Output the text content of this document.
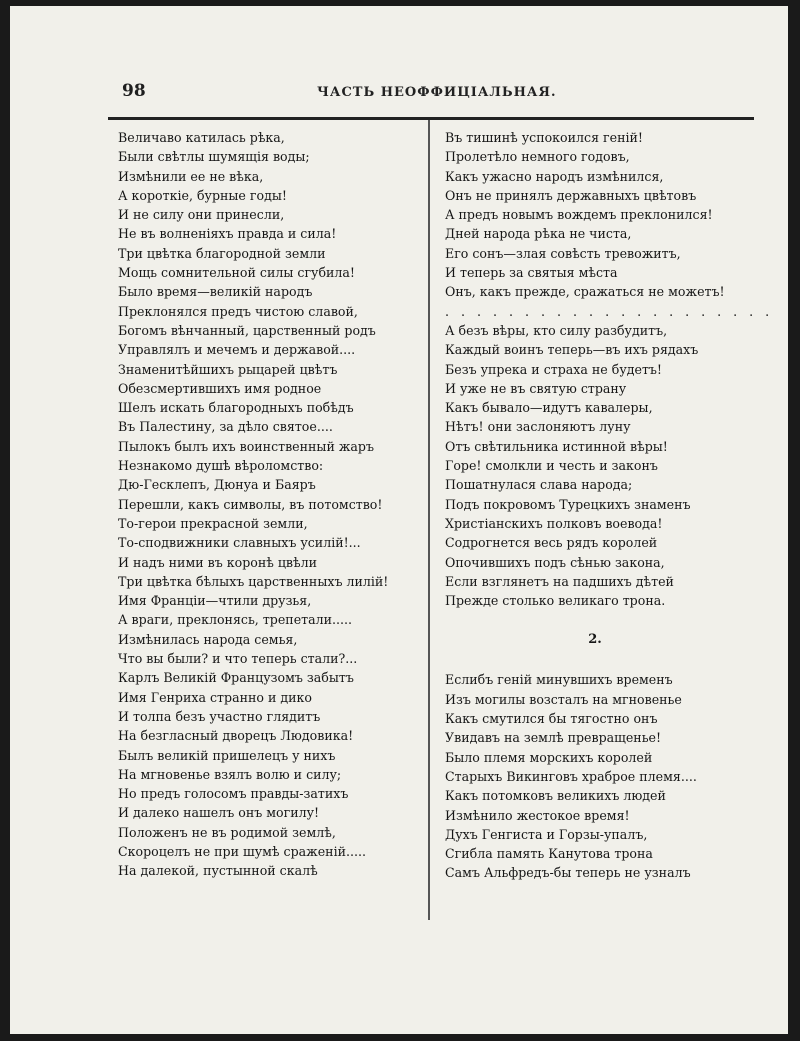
98	ЧАСТЬ НЕОФФИЦІАЛЬНАЯ.
Величаво катилась рѣка,
Были свѣтлы шумящія воды;
Измѣнили ее не вѣка,
А короткіе, бурные годы!
И не силу они принесли,
Не въ волненіяхъ правда и сила!
Три цвѣтка благородной земли
Мощь сомнительной силы сгубила!
Было время—великій народъ
Преклонялся предъ чистою славой,
Богомъ вѣнчанный, царственный родъ
Управлялъ и мечемъ и державой....
Знаменитѣйшихъ рыцарей цвѣтъ
Обезсмертившихъ имя родное
Шелъ искать благородныхъ побѣдъ
Въ Палестину, за дѣло святое....
Пылокъ былъ ихъ воинственный жаръ
Незнакомо душѣ вѣроломство:
Дю-Гесклепъ, Дюнуа и Баяръ
Перешли, какъ символы, въ потомство!
То-герои прекрасной земли,
То-сподвижники славныхъ усилій!...
И надъ ними въ коронѣ цвѣли
Три цвѣтка бѣлыхъ царственныхъ лилій!
Имя Франціи—чтили друзья,
А враги, преклонясь, трепетали.....
Измѣнилась народа семья,
Что вы были? и что теперь стали?...
Карлъ Великій Французомъ забытъ
Имя Генриха странно и дико
И толпа безъ участно глядитъ
На безгласный дворецъ Людовика!
Былъ великій пришелецъ у нихъ
На мгновенье взялъ волю и силу;
Но предъ голосомъ правды-затихъ
И далеко нашелъ онъ могилу!
Положенъ не въ родимой землѣ,
Скороцелъ не при шумѣ сраженій.....
На далекой, пустынной скалѣ
Въ тишинѣ успокоился геній!
Пролетѣло немного годовъ,
Какъ ужасно народъ измѣнился,
Онъ не принялъ державныхъ цвѣтовъ
А предъ новымъ вождемъ преклонился!
Дней народа рѣка не чиста,
Его сонъ—злая совѣсть тревожитъ,
И теперь за святыя мѣста
Онъ, какъ прежде, сражаться не можетъ!
. . . . . . . . . . . . . . . . . . . . .
А безъ вѣры, кто силу разбудитъ,
Каждый воинъ теперь—въ ихъ рядахъ
Безъ упрека и страха не будетъ!
И уже не въ святую страну
Какъ бывало—идутъ кавалеры,
Нѣтъ! они заслоняютъ луну
Отъ свѣтильника истинной вѣры!
Горе! смолкли и честь и законъ
Пошатнулася слава народа;
Подъ покровомъ Турецкихъ знаменъ
Христіанскихъ полковъ воевода!
Содрогнется весь рядъ королей
Опочившихъ подъ сѣнью закона,
Если взглянетъ на падшихъ дѣтей
Прежде столько великаго трона.
2.
Еслибъ геній минувшихъ временъ
Изъ могилы возсталъ на мгновенье
Какъ смутился бы тягостно онъ
Увидавъ на землѣ превращенье!
Было племя морскихъ королей
Старыхъ Викинговъ храброе племя....
Какъ потомковъ великихъ людей
Измѣнило жестокое время!
Духъ Генгиста и Горзы-упалъ,
Сгибла память Канутова трона
Самъ Альфредъ-бы теперь не узналъ
